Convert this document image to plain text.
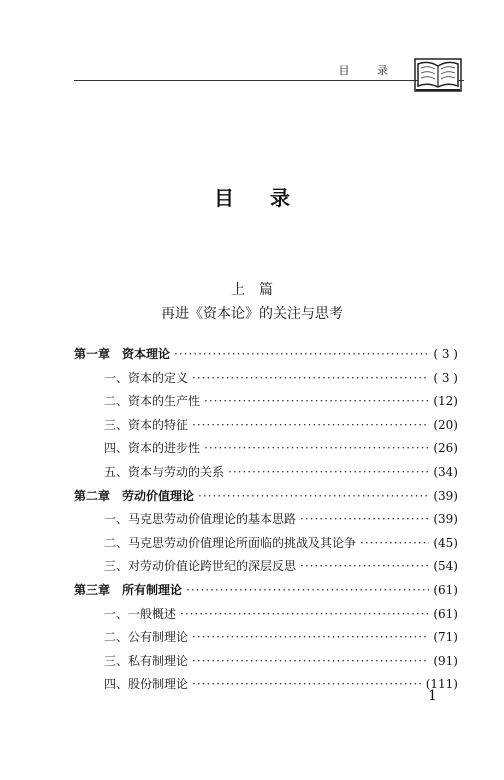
目 录
目录
上篇
再进《资本论》的关注与思考
第一章　资本理论 ·····	( 3 )
一、资本的定义 ·····	( 3 )
二、资本的生产性 ·····	(12)
三、资本的特征 ·····	(20)
四、资本的进步性 ·····	(26)
五、资本与劳动的关系 ·····	(34)
第二章　劳动价值理论 ·····	(39)
一、马克思劳动价值理论的基本思路 ·····	(39)
二、马克思劳动价值理论所面临的挑战及其论争 ·····	(45)
三、对劳动价值论跨世纪的深层反思 ·····	(54)
第三章　所有制理论 ·····	(61)
一、一般概述 ·····	(61)
二、公有制理论 ·····	(71)
三、私有制理论 ·····	(91)
四、股份制理论 ·····	(111)
1
